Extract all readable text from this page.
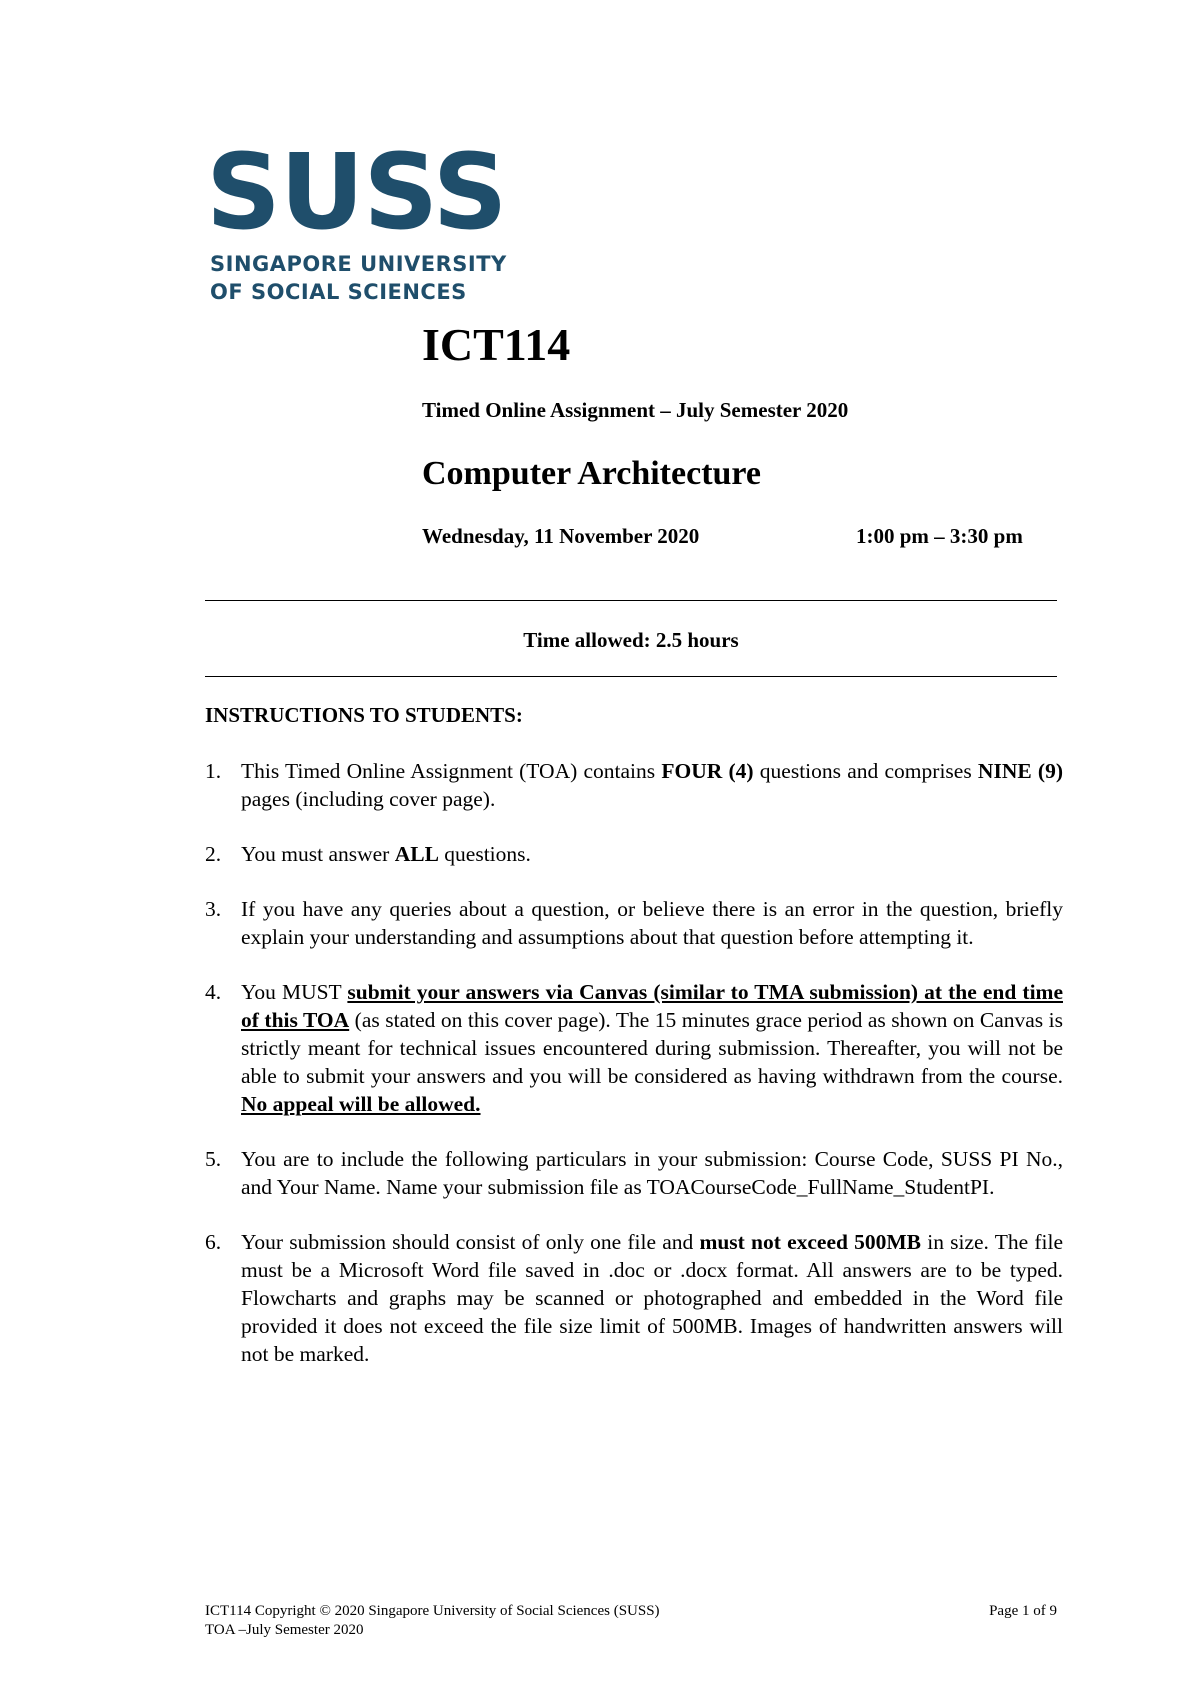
SUSS
SINGAPORE UNIVERSITY
OF SOCIAL SCIENCES
ICT114
Timed Online Assignment – July Semester 2020
Computer Architecture
Wednesday, 11 November 2020	1:00 pm – 3:30 pm
Time allowed: 2.5 hours
INSTRUCTIONS TO STUDENTS:
1. This Timed Online Assignment (TOA) contains FOUR (4) questions and comprises NINE (9) pages (including cover page).
2. You must answer ALL questions.
3. If you have any queries about a question, or believe there is an error in the question, briefly explain your understanding and assumptions about that question before attempting it.
4. You MUST submit your answers via Canvas (similar to TMA submission) at the end time of this TOA (as stated on this cover page). The 15 minutes grace period as shown on Canvas is strictly meant for technical issues encountered during submission. Thereafter, you will not be able to submit your answers and you will be considered as having withdrawn from the course. No appeal will be allowed.
5. You are to include the following particulars in your submission: Course Code, SUSS PI No., and Your Name. Name your submission file as TOACourseCode_FullName_StudentPI.
6. Your submission should consist of only one file and must not exceed 500MB in size. The file must be a Microsoft Word file saved in .doc or .docx format. All answers are to be typed. Flowcharts and graphs may be scanned or photographed and embedded in the Word file provided it does not exceed the file size limit of 500MB. Images of handwritten answers will not be marked.
ICT114 Copyright © 2020 Singapore University of Social Sciences (SUSS)
TOA –July Semester 2020
Page 1 of 9
